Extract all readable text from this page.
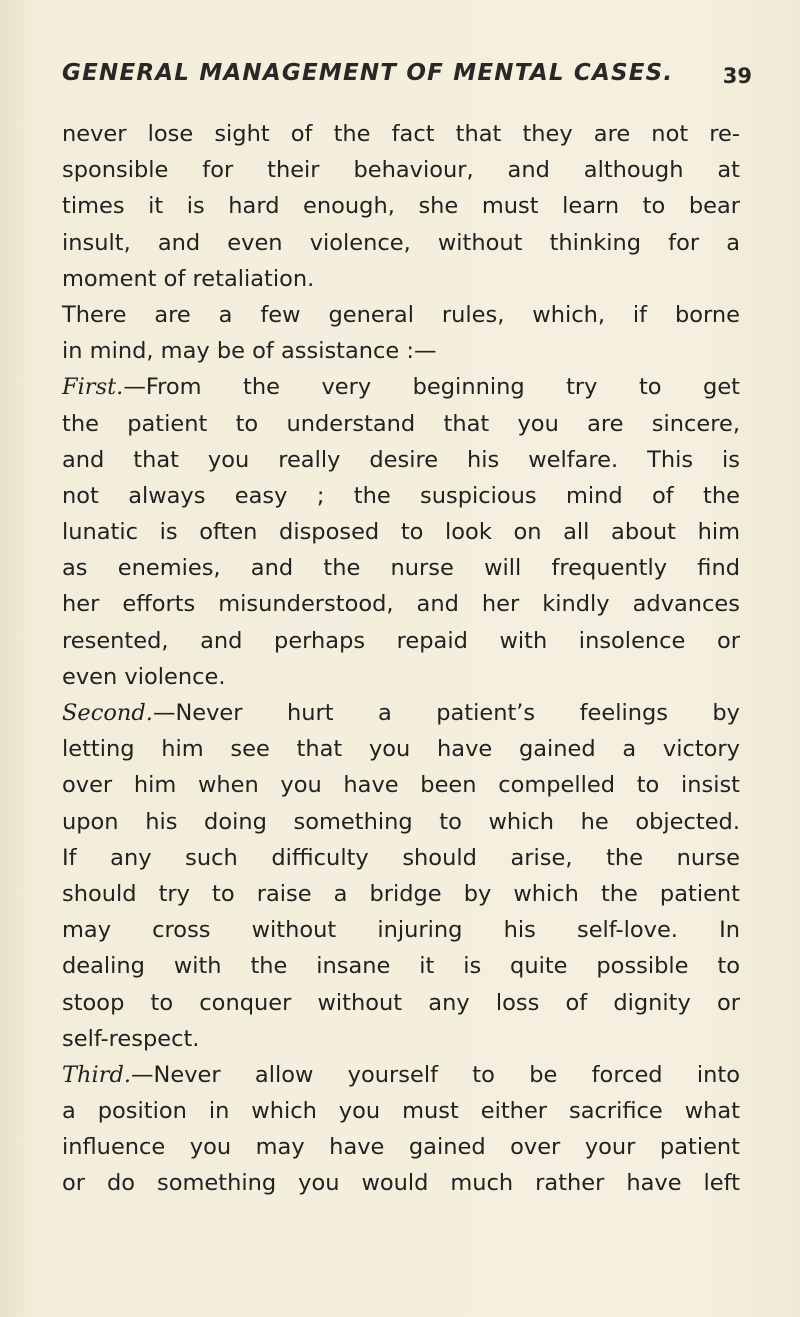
GENERAL MANAGEMENT OF MENTAL CASES. 39
never lose sight of the fact that they are not re-
sponsible for their behaviour, and although at
times it is hard enough, she must learn to bear
insult, and even violence, without thinking for a
moment of retaliation.
There are a few general rules, which, if borne
in mind, may be of assistance :—
First.—From the very beginning try to get
the patient to understand that you are sincere,
and that you really desire his welfare. This is
not always easy ; the suspicious mind of the
lunatic is often disposed to look on all about him
as enemies, and the nurse will frequently find
her efforts misunderstood, and her kindly advances
resented, and perhaps repaid with insolence or
even violence.
Second.—Never hurt a patient’s feelings by
letting him see that you have gained a victory
over him when you have been compelled to insist
upon his doing something to which he objected.
If any such difficulty should arise, the nurse
should try to raise a bridge by which the patient
may cross without injuring his self-love. In
dealing with the insane it is quite possible to
stoop to conquer without any loss of dignity or
self-respect.
Third.—Never allow yourself to be forced into
a position in which you must either sacrifice what
influence you may have gained over your patient
or do something you would much rather have left
